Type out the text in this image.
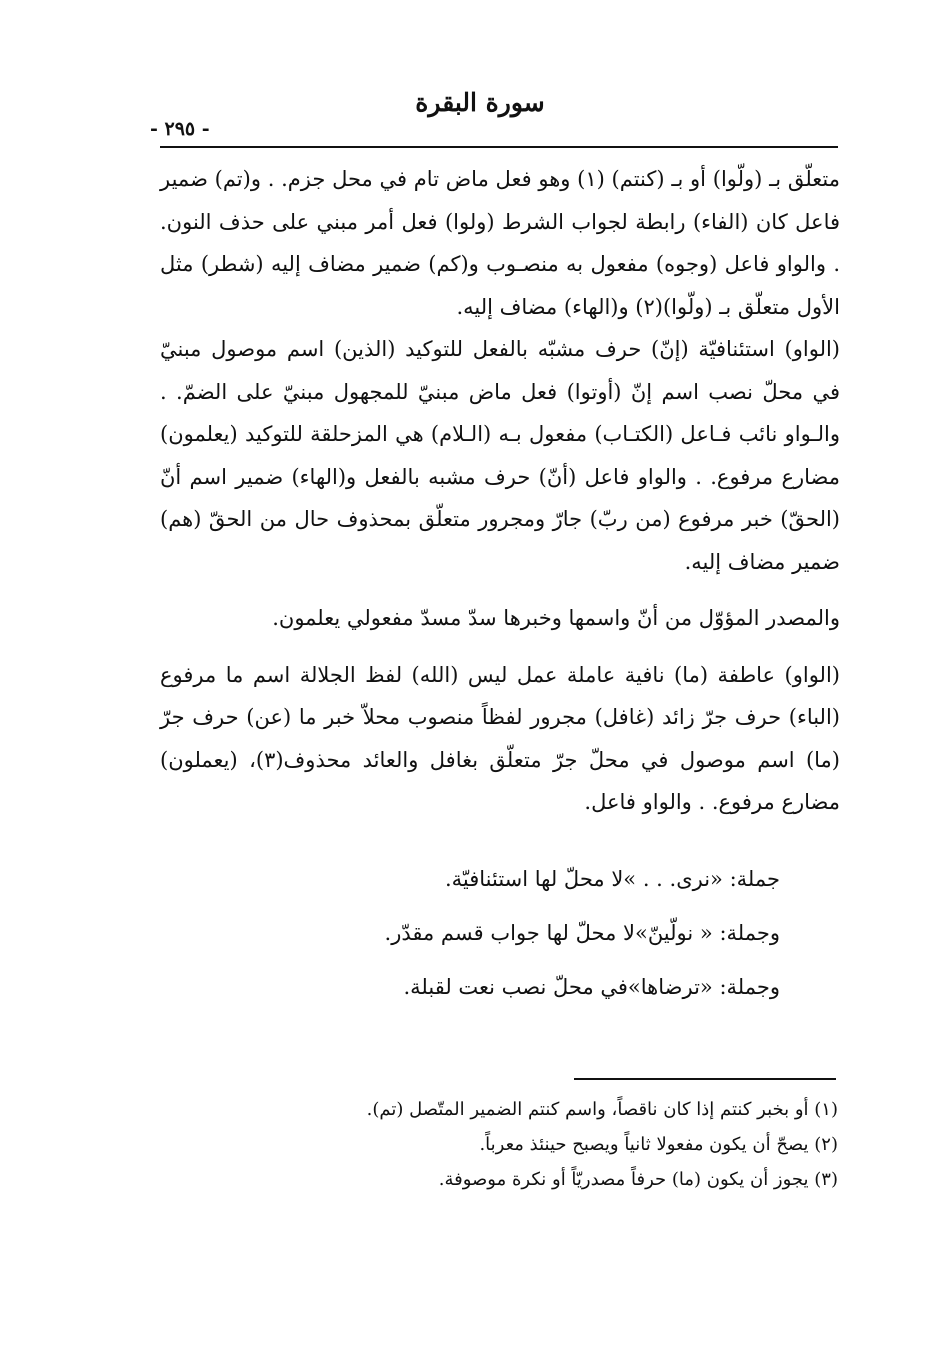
سورة البقرة
- ٢٩٥ -

متعلّق بـ (ولّوا) أو بـ (كنتم) (١) وهو فعل ماض تام في محل جزم. . و(تم) ضمير فاعل كان (الفاء) رابطة لجواب الشرط (ولوا) فعل أمر مبني على حذف النون. . والواو فاعل (وجوه) مفعول به منصـوب و(كم) ضمير مضاف إليه (شطر) مثل الأول متعلّق بـ (ولّوا)(٢) و(الهاء) مضاف إليه.

(الواو) استئنافيّة (إنّ) حرف مشبّه بالفعل للتوكيد (الذين) اسم موصول مبنيّ في محلّ نصب اسم إنّ (أوتوا) فعل ماض مبنيّ للمجهول مبنيّ على الضمّ. . والـواو نائب فـاعل (الكتـاب) مفعول بـه (الـلام) هي المزحلقة للتوكيد (يعلمون) مضارع مرفوع. . والواو فاعل (أنّ) حرف مشبه بالفعل و(الهاء) ضمير اسم أنّ (الحقّ) خبر مرفوع (من ربّ) جارّ ومجرور متعلّق بمحذوف حال من الحقّ (هم) ضمير مضاف إليه.

والمصدر المؤوّل من أنّ واسمها وخبرها سدّ مسدّ مفعولي يعلمون.

(الواو) عاطفة (ما) نافية عاملة عمل ليس (الله) لفظ الجلالة اسم ما مرفوع (الباء) حرف جرّ زائد (غافل) مجرور لفظاً منصوب محلاّ خبر ما (عن) حرف جرّ (ما) اسم موصول في محلّ جرّ متعلّق بغافل والعائد محذوف(٣)، (يعملون) مضارع مرفوع. . والواو فاعل.

جملة: «نرى. . . »لا محلّ لها استئنافيّة.

وجملة: « نولّينّ»لا محلّ لها جواب قسم مقدّر.

وجملة: «ترضاها»في محلّ نصب نعت لقبلة.

(١) أو بخبر كنتم إذا كان ناقصاً، واسم كنتم الضمير المتّصل (تم).

(٢) يصحّ أن يكون مفعولا ثانياً ويصبح حينئذ معرباً.

(٣) يجوز أن يكون (ما) حرفاً مصدريّاً أو نكرة موصوفة.
